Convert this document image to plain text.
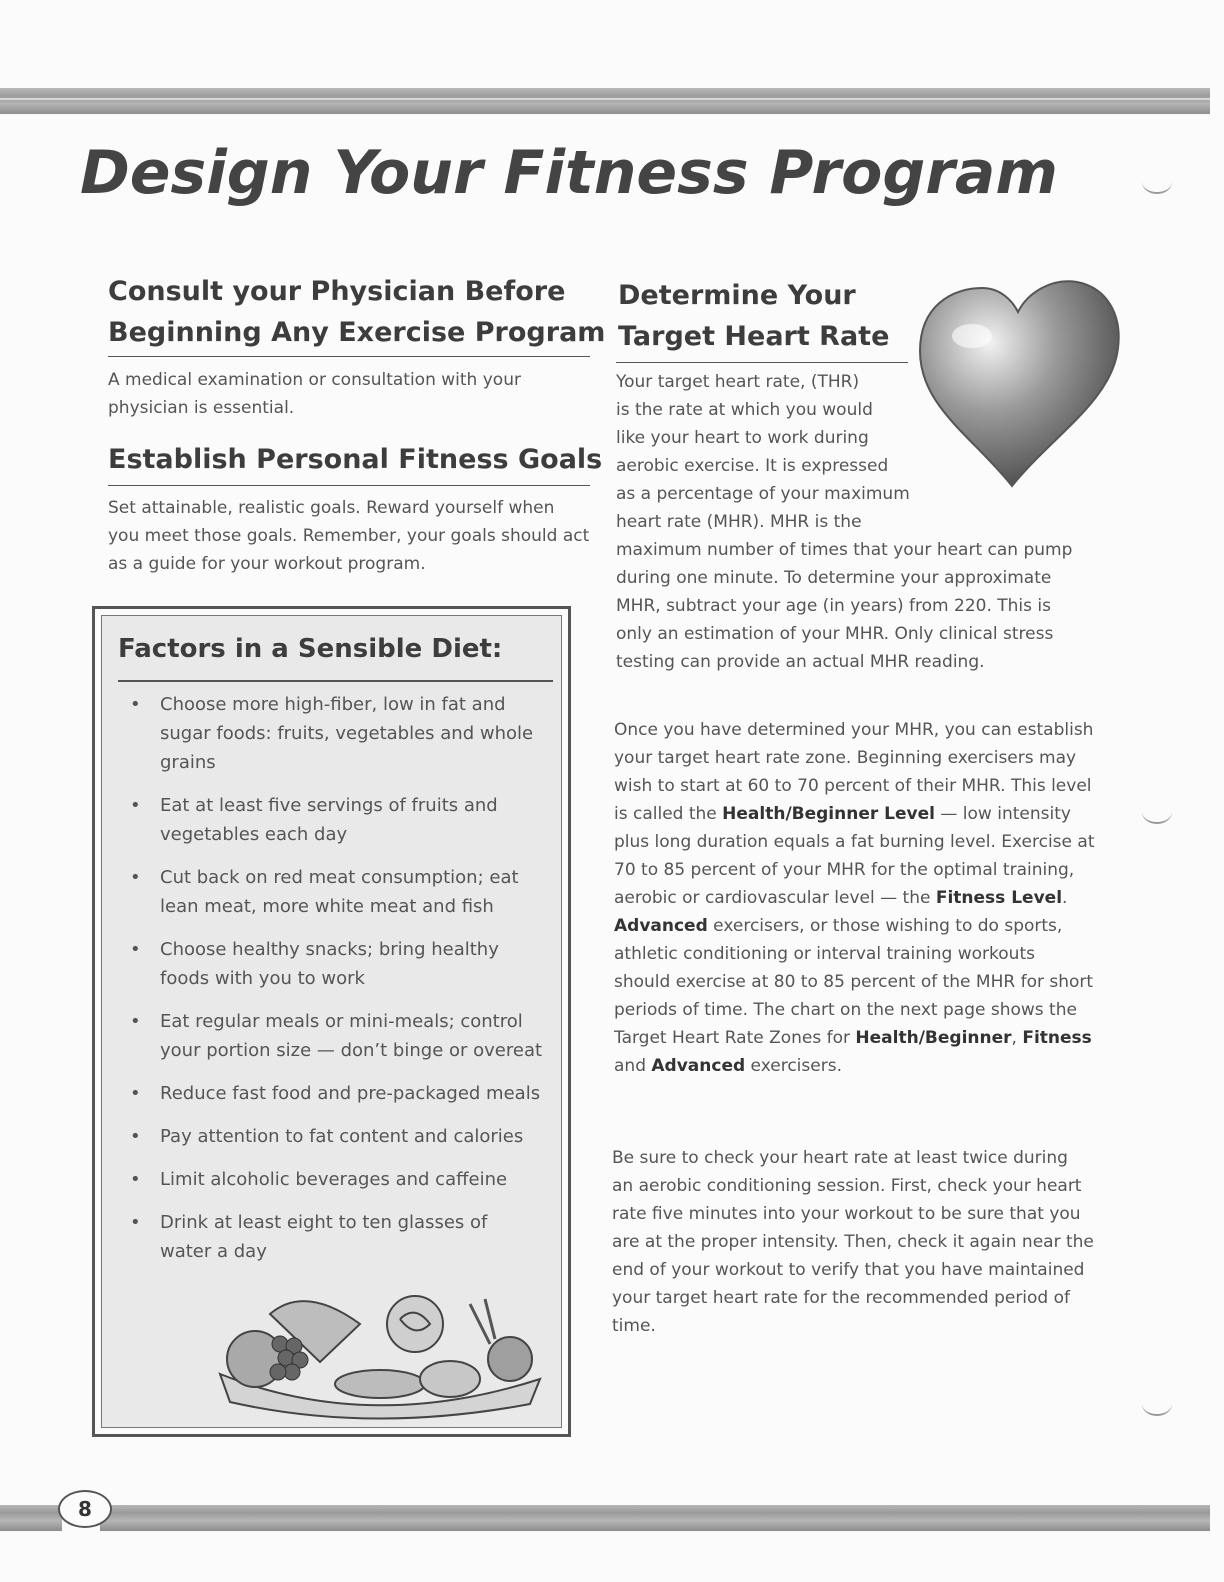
Design Your Fitness Program
Consult your Physician Before
Beginning Any Exercise Program

A medical examination or consultation with your physician is essential.

Establish Personal Fitness Goals

Set attainable, realistic goals. Reward yourself when you meet those goals. Remember, your goals should act as a guide for your workout program.

Factors in a Sensible Diet:
• Choose more high-fiber, low in fat and sugar foods: fruits, vegetables and whole grains
• Eat at least five servings of fruits and vegetables each day
• Cut back on red meat consumption; eat lean meat, more white meat and fish
• Choose healthy snacks; bring healthy foods with you to work
• Eat regular meals or mini-meals; control your portion size — don’t binge or overeat
• Reduce fast food and pre-packaged meals
• Pay attention to fat content and calories
• Limit alcoholic beverages and caffeine
• Drink at least eight to ten glasses of water a day
Determine Your
Target Heart Rate
Your target heart rate, (THR)
is the rate at which you would
like your heart to work during
aerobic exercise. It is expressed
as a percentage of your maximum
heart rate (MHR). MHR is the

maximum number of times that your heart can pump during one minute. To determine your approximate MHR, subtract your age (in years) from 220. This is only an estimation of your MHR. Only clinical stress testing can provide an actual MHR reading.

Once you have determined your MHR, you can establish your target heart rate zone. Beginning exercisers may wish to start at 60 to 70 percent of their MHR. This level is called the Health/Beginner Level — low intensity plus long duration equals a fat burning level. Exercise at 70 to 85 percent of your MHR for the optimal training, aerobic or cardiovascular level — the Fitness Level. Advanced exercisers, or those wishing to do sports, athletic conditioning or interval training workouts should exercise at 80 to 85 percent of the MHR for short periods of time. The chart on the next page shows the Target Heart Rate Zones for Health/Beginner, Fitness and Advanced exercisers.

Be sure to check your heart rate at least twice during an aerobic conditioning session. First, check your heart rate five minutes into your workout to be sure that you are at the proper intensity. Then, check it again near the end of your workout to verify that you have maintained your target heart rate for the recommended period of time.

8
